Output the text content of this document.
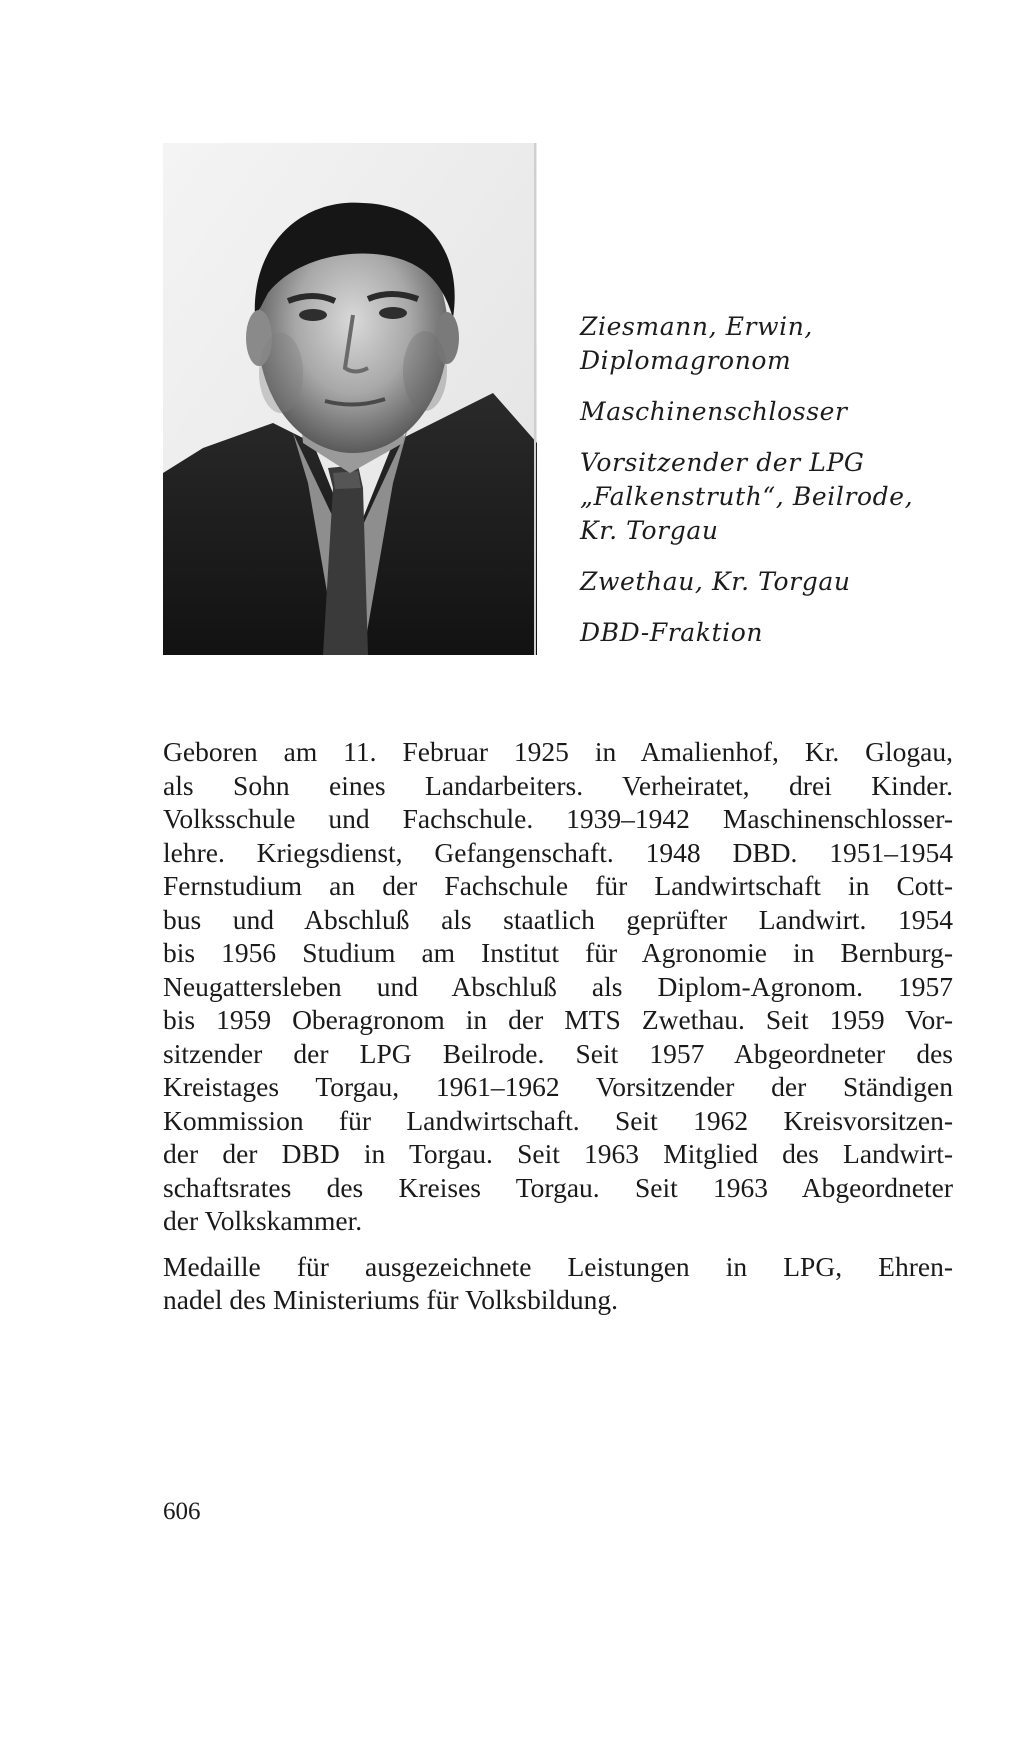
Ziesmann, Erwin,
Diplomagronom
Maschinenschlosser
Vorsitzender der LPG
„Falkenstruth“, Beilrode,
Kr. Torgau
Zwethau, Kr. Torgau
DBD-Fraktion
Geboren am 11. Februar 1925 in Amalienhof, Kr. Glogau,
als Sohn eines Landarbeiters. Verheiratet, drei Kinder.
Volksschule und Fachschule. 1939–1942 Maschinenschlosser-
lehre. Kriegsdienst, Gefangenschaft. 1948 DBD. 1951–1954
Fernstudium an der Fachschule für Landwirtschaft in Cott-
bus und Abschluß als staatlich geprüfter Landwirt. 1954
bis 1956 Studium am Institut für Agronomie in Bernburg-
Neugattersleben und Abschluß als Diplom-Agronom. 1957
bis 1959 Oberagronom in der MTS Zwethau. Seit 1959 Vor-
sitzender der LPG Beilrode. Seit 1957 Abgeordneter des
Kreistages Torgau, 1961–1962 Vorsitzender der Ständigen
Kommission für Landwirtschaft. Seit 1962 Kreisvorsitzen-
der der DBD in Torgau. Seit 1963 Mitglied des Landwirt-
schaftsrates des Kreises Torgau. Seit 1963 Abgeordneter
der Volkskammer.
Medaille für ausgezeichnete Leistungen in LPG, Ehren-
nadel des Ministeriums für Volksbildung.
606
